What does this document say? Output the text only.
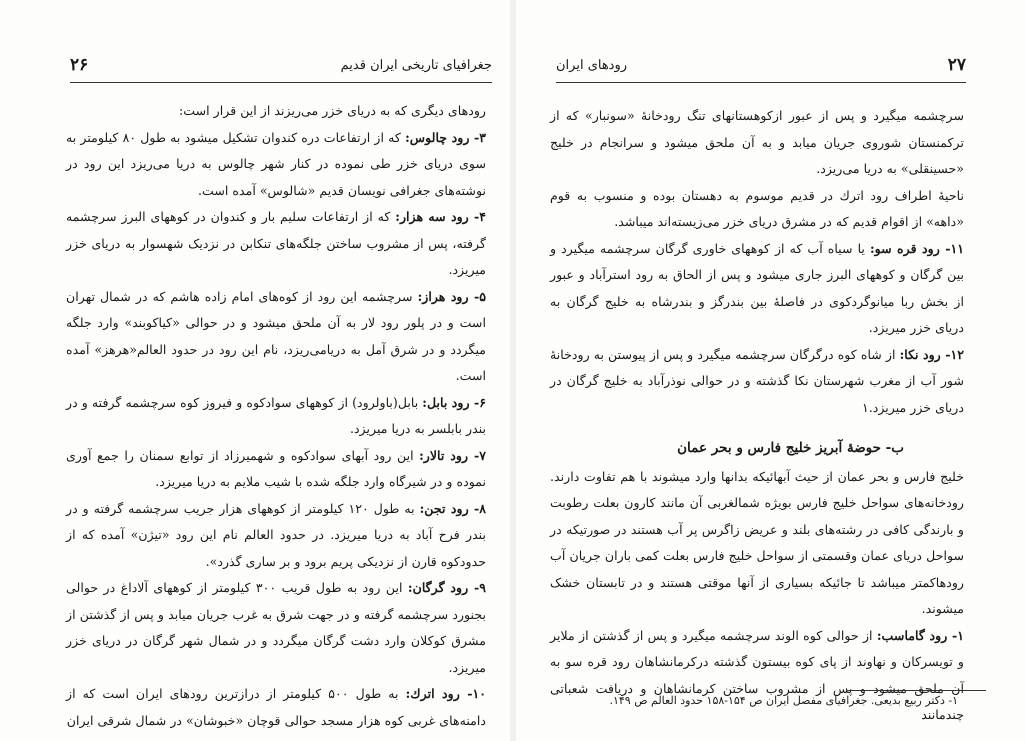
جغرافیای تاریخی ایران قدیم
۲۶

رودهای دیگری که به دریای خزر می‌ریزند از این قرار است:

۳- رود چالوس: که از ارتفاعات دره کندوان تشکیل میشود به طول ۸۰ کیلومتر به سوی دریای خزر طی نموده در کنار شهر چالوس به دریا می‌ریزد این رود در نوشته‌های جغرافی نویسان قدیم «شالوس» آمده است.

۴- رود سه هزار: که از ارتفاعات سلیم بار و کندوان در کوههای البرز سرچشمه گرفته، پس از مشروب ساختن جلگه‌های تنکابن در نزدیک شهسوار به دریای خزر میریزد.

۵- رود هراز: سرچشمه این رود از کوه‌های امام زاده هاشم که در شمال تهران است و در پلور رود لار به آن ملحق میشود و در حوالی «کیاکوبند» وارد جلگه میگردد و در شرق آمل به دریامی‌ریزد، نام این رود در حدود العالم«هرهز» آمده است.

۶- رود بابل: بابل(باولرود) از کوههای سوادکوه و فیروز کوه سرچشمه گرفته و در بندر بابلسر به دریا میریزد.

۷- رود تالار: این رود آبهای سوادکوه و شهمیرزاد از توابع سمنان را جمع آوری نموده و در شیرگاه وارد جلگه شده با شیب ملایم به دریا میریزد.

۸- رود تجن: به طول ۱۲۰ کیلومتر از کوههای هزار جریب سرچشمه گرفته و در بندر فرح آباد به دریا میریزد. در حدود العالم نام این رود «تیژن» آمده که از حدودکوه قارن از نزدیکی پریم برود و بر ساری گذرد».

۹- رود گرگان: این رود به طول قریب ۳۰۰ کیلومتر از کوههای آلاداغ در حوالی بجنورد سرچشمه گرفته و در جهت شرق به غرب جریان میابد و پس از گذشتن از مشرق کوکلان وارد دشت گرگان میگردد و در شمال شهر گرگان در دریای خزر میریزد.

۱۰- رود اترك: به طول ۵۰۰ کیلومتر از درازترین رودهای ایران است که از دامنه‌های غربی کوه هزار مسجد حوالی قوچان «خبوشان» در شمال شرقی ایران

۲۷
رودهای ایران

سرچشمه میگیرد و پس از عبور ازکوهستانهای تنگ رودخانهٔ «سونبار» که از ترکمنستان شوروی جریان میابد و به آن ملحق میشود و سرانجام در خلیج «حسینقلی» به دریا می‌ریزد.

ناحیهٔ اطراف رود اترك در قدیم موسوم به دهستان بوده و منسوب به قوم «داهه» از اقوام قدیم که در مشرق دریای خزر می‌زیسته‌اند میباشد.

۱۱- رود قره سو: یا سیاه آب که از کوههای خاوری گرگان سرچشمه میگیرد و بین گرگان و کوههای البرز جاری میشود و پس از الحاق به رود استرآباد و عبور از بخش ربا میانوگردکوی در فاصلهٔ بین بندرگز و بندرشاه به خلیج گرگان به دریای خزر میریزد.

۱۲- رود نکا: از شاه کوه درگرگان سرچشمه میگیرد و پس از پیوستن به رودخانهٔ شور آب از مغرب شهرستان نکا گذشته و در حوالی نوذرآباد به خلیج گرگان در دریای خزر میریزد.۱

ب- حوضهٔ آبریز خلیج فارس و بحر عمان

خلیج فارس و بحر عمان از حیث آبهائیکه بدانها وارد میشوند با هم تفاوت دارند. رودخانه‌های سواحل خلیج فارس بویژه شمالغربی آن مانند کارون بعلت رطوبت و بارندگی کافی در رشته‌های بلند و عریض زاگرس پر آب هستند در صورتیکه در سواحل دریای عمان وقسمتی از سواحل خلیج فارس بعلت کمی باران جریان آب رودهاکمتر میباشد تا جائیکه بسیاری از آنها موقتی هستند و در تابستان خشک میشوند.

۱- رود گاماسب: از حوالی کوه الوند سرچشمه میگیرد و پس از گذشتن از ملایر و تویسرکان و نهاوند از پای کوه بیستون گذشته درکرمانشاهان رود قره سو به آن ملحق میشود و پس از مشروب ساختن کرمانشاهان و دریافت شعباتی چندمانند

۱- دکتر ربیع بدیعی. جغرافیای مفصل ایران ص ۱۵۴-۱۵۸ حدود العالم ص ۱۴۹.
